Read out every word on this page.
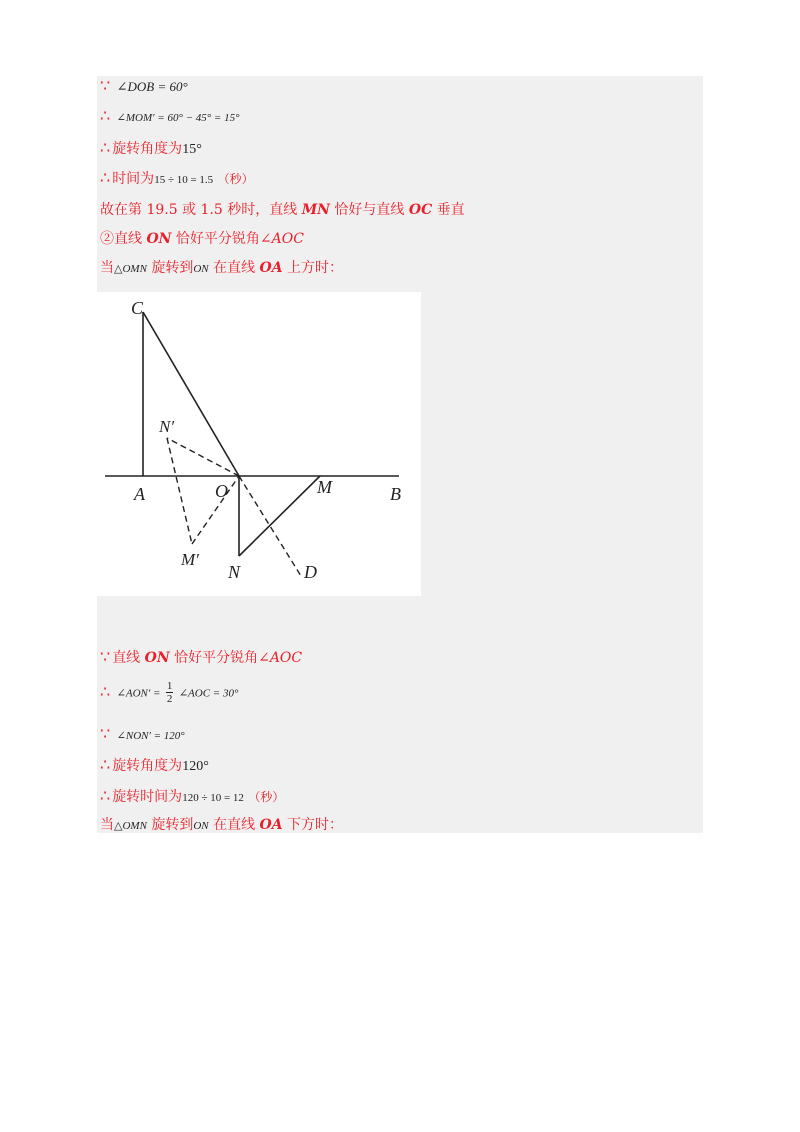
∵ ∠DOB = 60°
∴ ∠MOM′ = 60° − 45° = 15°
∴ 旋转角度为15°
∴ 时间为15 ÷ 10 = 1.5 （秒）
故在第 19.5 或 1.5 秒时，直线 MN 恰好与直线 OC 垂直
②直线 ON 恰好平分锐角∠AOC
当△OMN 旋转到ON 在直线 OA 上方时：
C
N′
A	O	M	B
M′
N	D
∵ 直线 ON 恰好平分锐角∠AOC
∴ ∠AON′ = $\frac{1}{2}$ ∠AOC = 30°
∵ ∠NON′ = 120°
∴ 旋转角度为120°
∴ 旋转时间为120 ÷ 10 = 12 （秒）
当△OMN 旋转到ON 在直线 OA 下方时：
